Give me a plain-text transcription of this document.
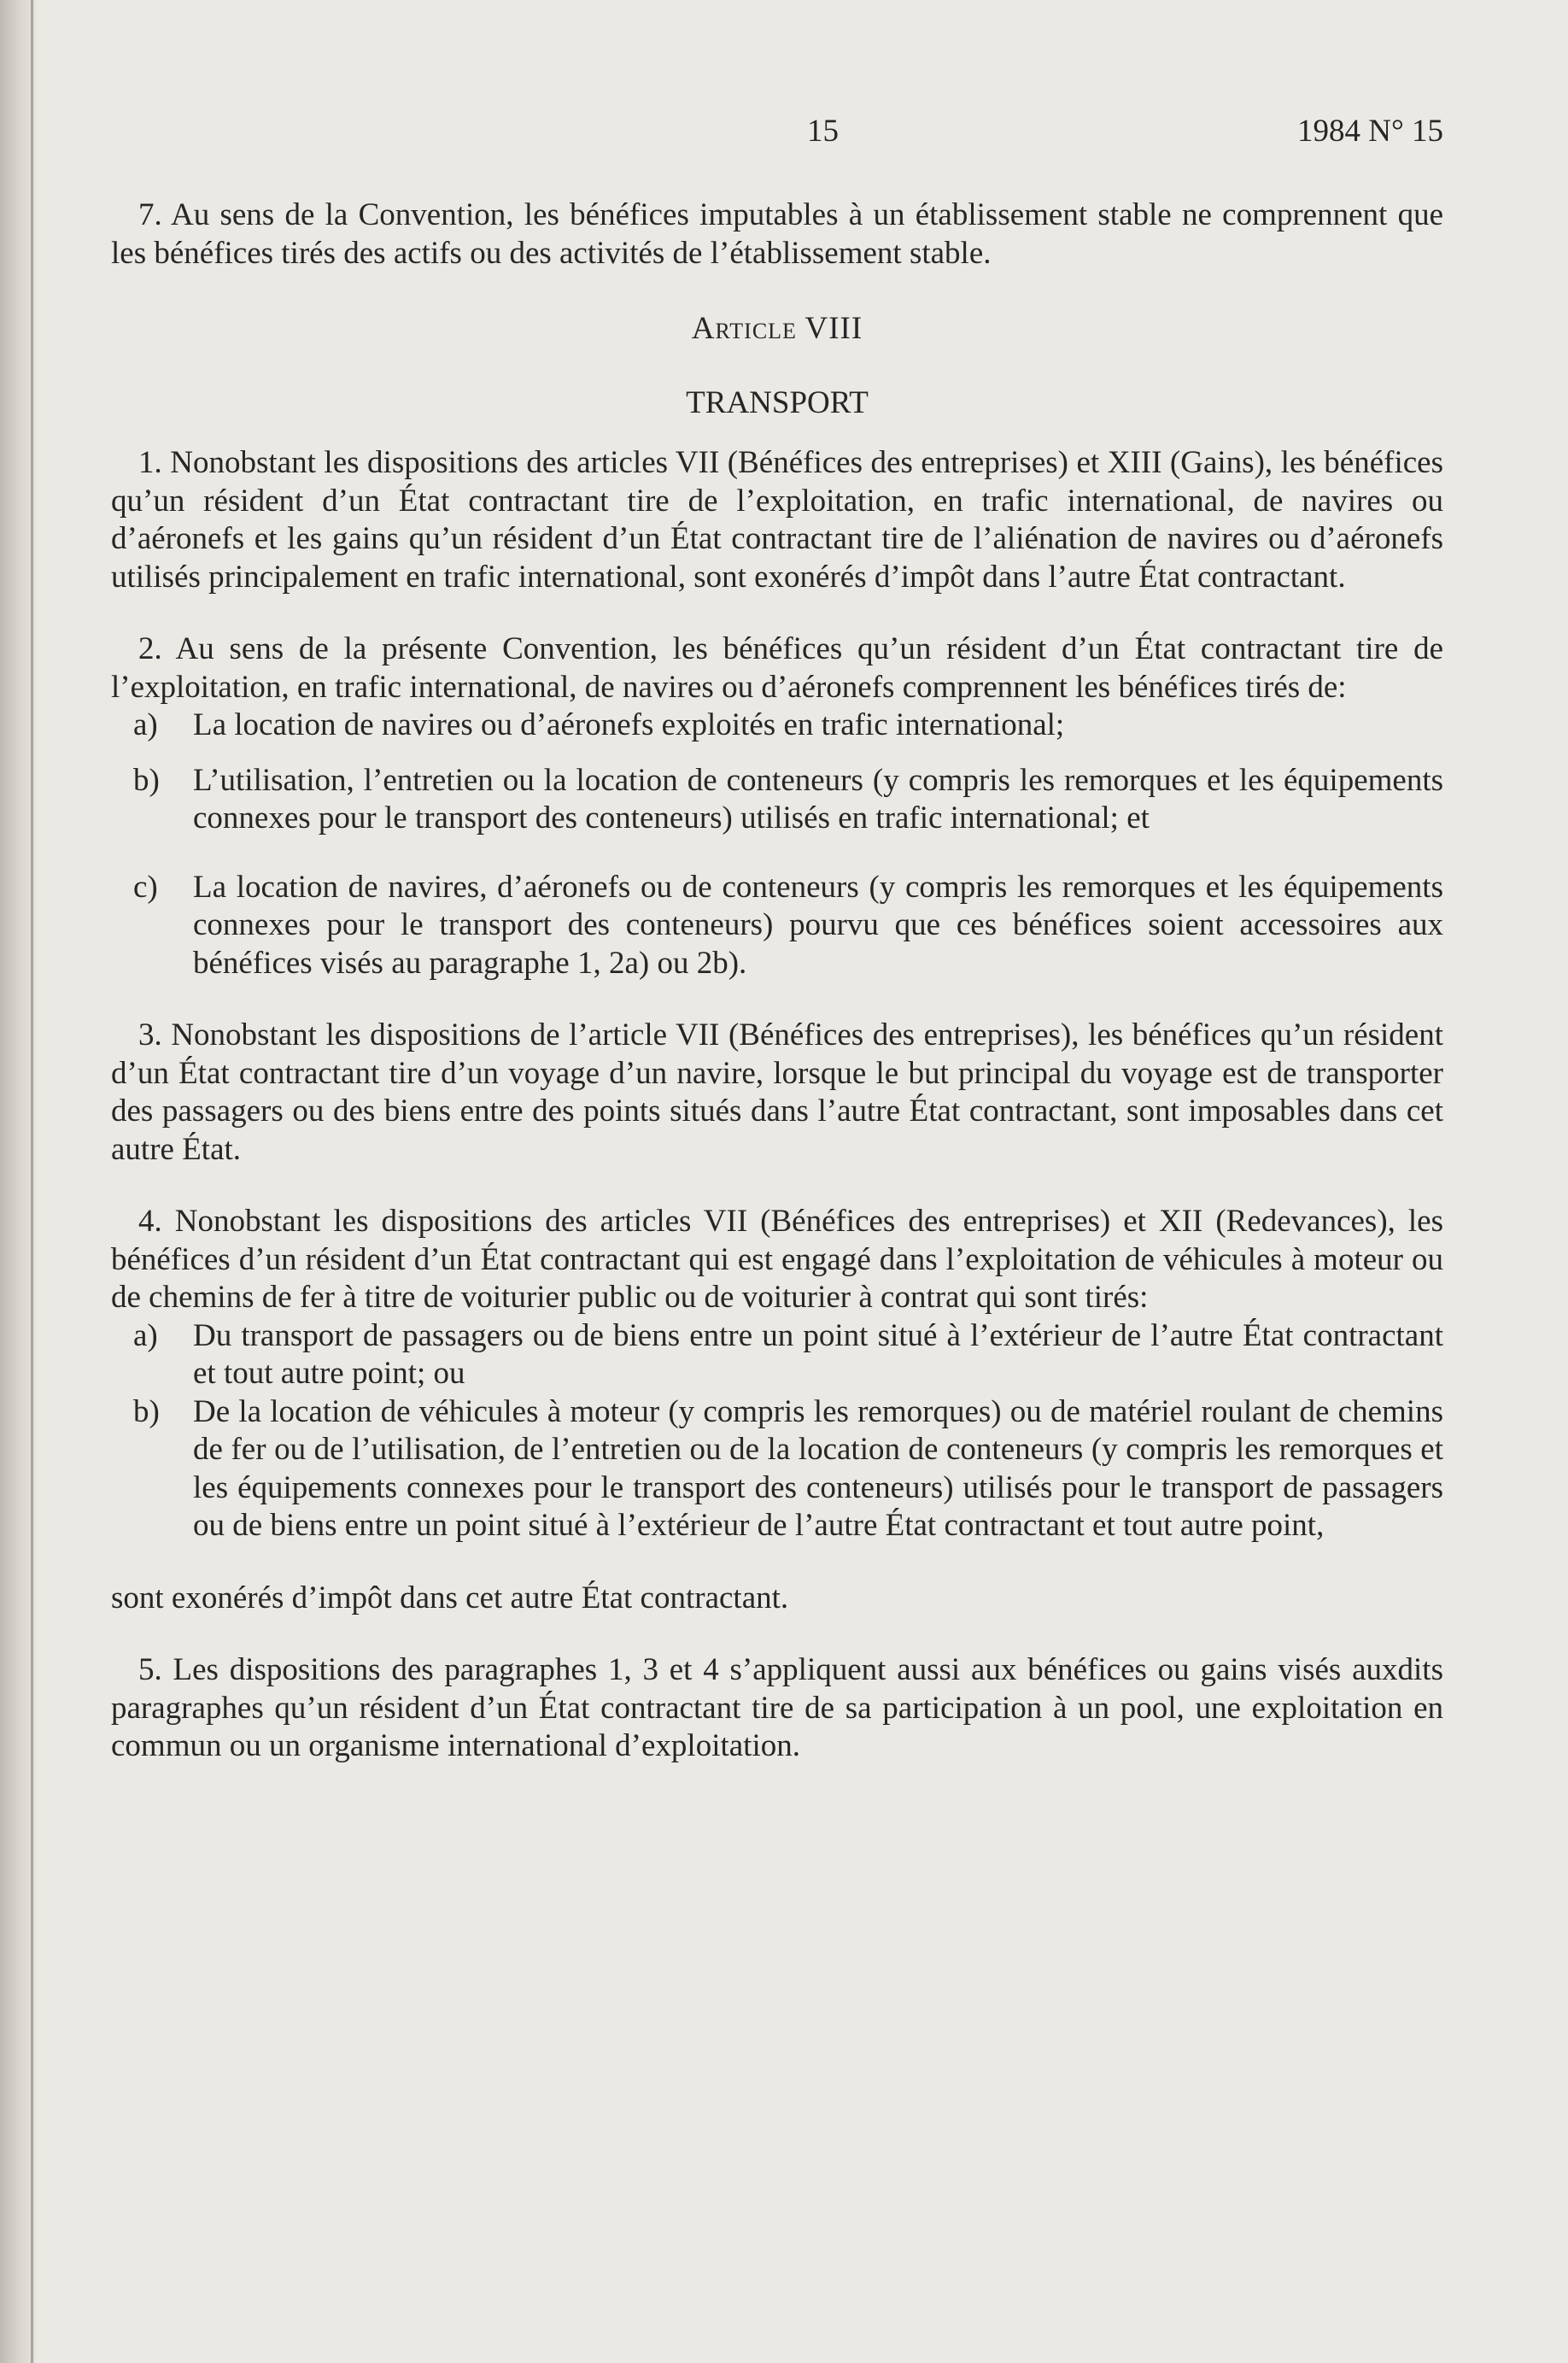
15	1984 N° 15

7. Au sens de la Convention, les bénéfices imputables à un établissement stable ne comprennent que les bénéfices tirés des actifs ou des activités de l’établissement stable.

Article VIII

TRANSPORT

1. Nonobstant les dispositions des articles VII (Bénéfices des entreprises) et XIII (Gains), les bénéfices qu’un résident d’un État contractant tire de l’exploitation, en trafic international, de navires ou d’aéronefs et les gains qu’un résident d’un État contractant tire de l’aliénation de navires ou d’aéronefs utilisés principalement en trafic international, sont exonérés d’impôt dans l’autre État contractant.

2. Au sens de la présente Convention, les bénéfices qu’un résident d’un État contractant tire de l’exploitation, en trafic international, de navires ou d’aéronefs comprennent les bénéfices tirés de:

a)	La location de navires ou d’aéronefs exploités en trafic international;
b)	L’utilisation, l’entretien ou la location de conteneurs (y compris les remorques et les équipements connexes pour le transport des conteneurs) utilisés en trafic international; et
c)	La location de navires, d’aéronefs ou de conteneurs (y compris les remorques et les équipements connexes pour le transport des conteneurs) pourvu que ces bénéfices soient accessoires aux bénéfices visés au paragraphe 1, 2a) ou 2b).

3. Nonobstant les dispositions de l’article VII (Bénéfices des entreprises), les bénéfices qu’un résident d’un État contractant tire d’un voyage d’un navire, lorsque le but principal du voyage est de transporter des passagers ou des biens entre des points situés dans l’autre État contractant, sont imposables dans cet autre État.

4. Nonobstant les dispositions des articles VII (Bénéfices des entreprises) et XII (Redevances), les bénéfices d’un résident d’un État contractant qui est engagé dans l’exploitation de véhicules à moteur ou de chemins de fer à titre de voiturier public ou de voiturier à contrat qui sont tirés:

a)	Du transport de passagers ou de biens entre un point situé à l’extérieur de l’autre État contractant et tout autre point; ou
b)	De la location de véhicules à moteur (y compris les remorques) ou de matériel roulant de chemins de fer ou de l’utilisation, de l’entretien ou de la location de conteneurs (y compris les remorques et les équipements connexes pour le transport des conteneurs) utilisés pour le transport de passagers ou de biens entre un point situé à l’extérieur de l’autre État contractant et tout autre point,

sont exonérés d’impôt dans cet autre État contractant.

5. Les dispositions des paragraphes 1, 3 et 4 s’appliquent aussi aux bénéfices ou gains visés auxdits paragraphes qu’un résident d’un État contractant tire de sa participation à un pool, une exploitation en commun ou un organisme international d’exploitation.
